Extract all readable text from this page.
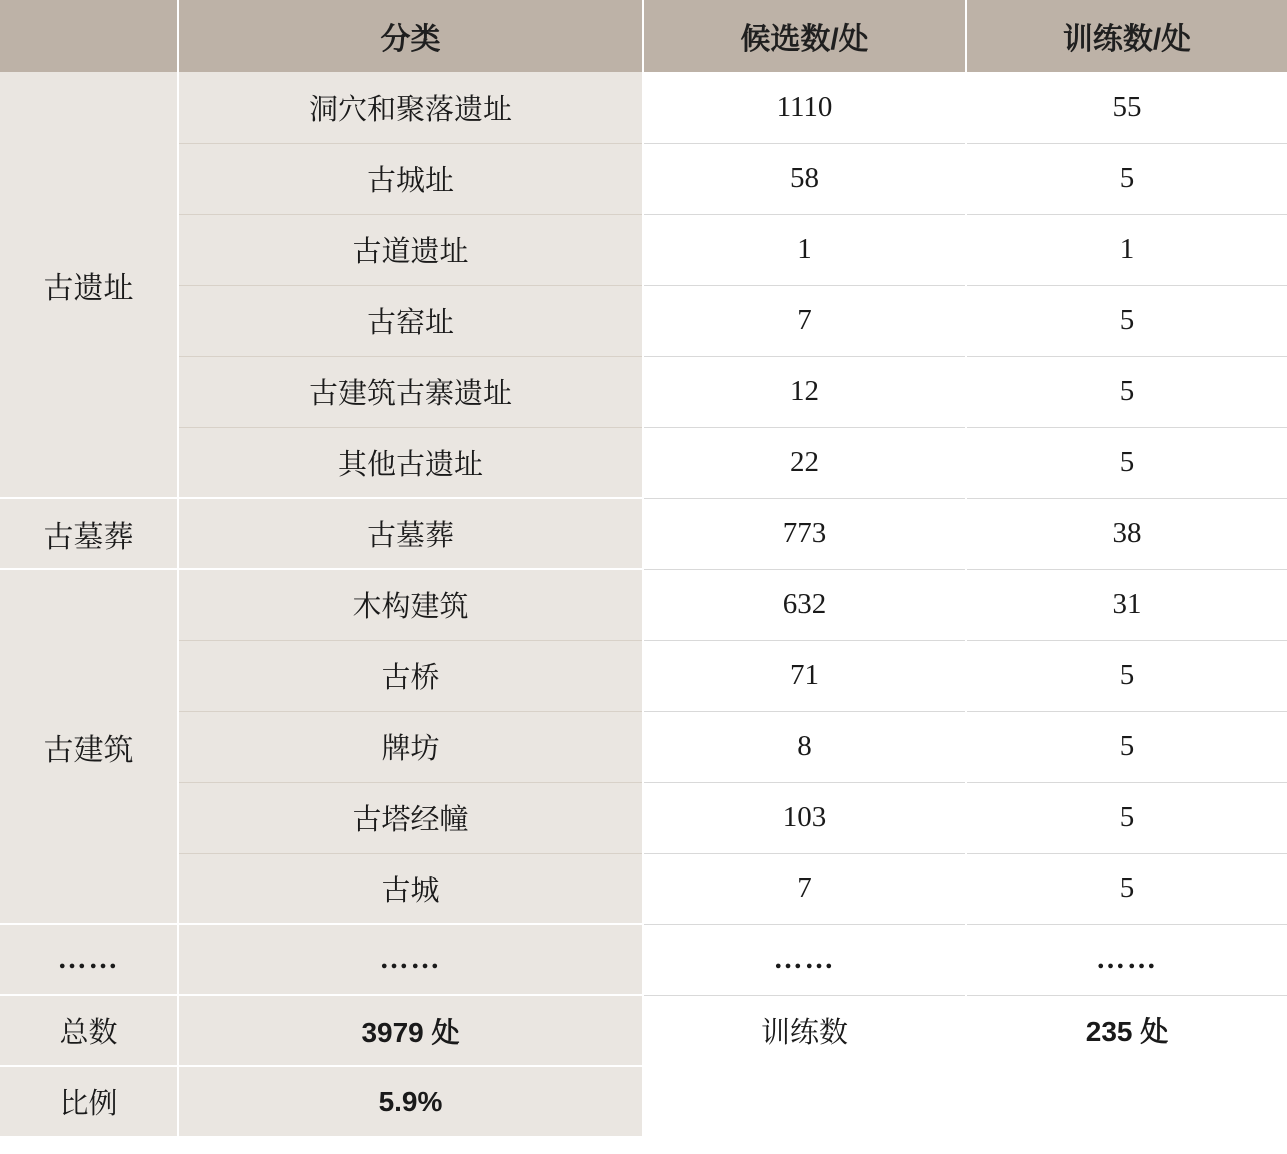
	分类	候选数/处	训练数/处
古遗址	洞穴和聚落遗址	1110	55
	古城址	58	5
	古道遗址	1	1
	古窑址	7	5
	古建筑古寨遗址	12	5
	其他古遗址	22	5
古墓葬	古墓葬	773	38
古建筑	木构建筑	632	31
	古桥	71	5
	牌坊	8	5
	古塔经幢	103	5
	古城	7	5
……	……	……	……
总数	3979 处	训练数	235 处
比例	5.9%		
